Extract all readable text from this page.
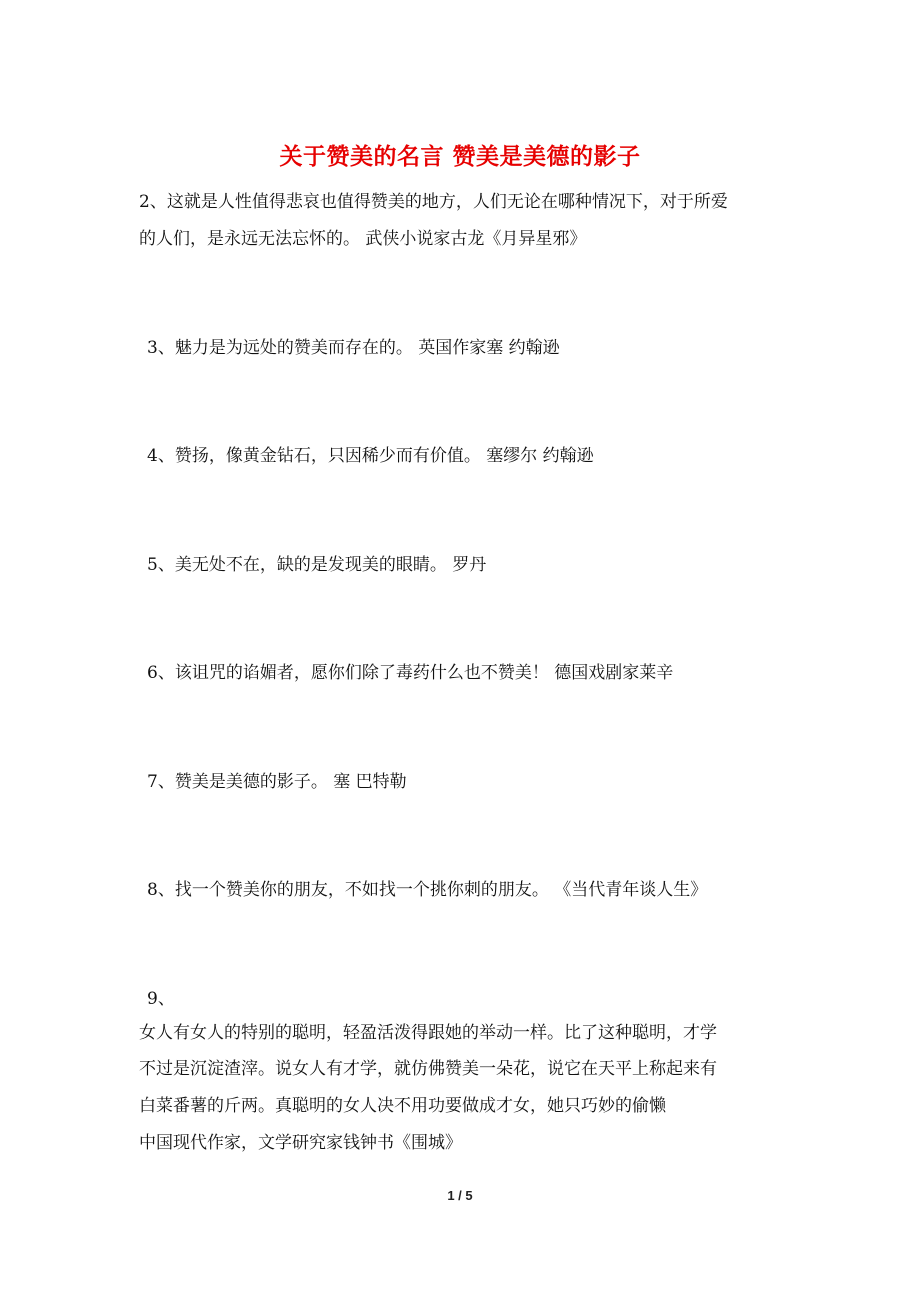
关于赞美的名言 赞美是美德的影子
2、这就是人性值得悲哀也值得赞美的地方，人们无论在哪种情况下，对于所爱
的人们，是永远无法忘怀的。 武侠小说家古龙《月异星邪》
3、魅力是为远处的赞美而存在的。 英国作家塞 约翰逊
4、赞扬，像黄金钻石，只因稀少而有价值。 塞缪尔 约翰逊
5、美无处不在，缺的是发现美的眼睛。 罗丹
6、该诅咒的谄媚者，愿你们除了毒药什么也不赞美！ 德国戏剧家莱辛
7、赞美是美德的影子。 塞 巴特勒
8、找一个赞美你的朋友，不如找一个挑你刺的朋友。 《当代青年谈人生》
9、
女人有女人的特别的聪明，轻盈活泼得跟她的举动一样。比了这种聪明，才学
不过是沉淀渣滓。说女人有才学，就仿佛赞美一朵花，说它在天平上称起来有
白菜番薯的斤两。真聪明的女人决不用功要做成才女，她只巧妙的偷懒
中国现代作家，文学研究家钱钟书《围城》
1 / 5
